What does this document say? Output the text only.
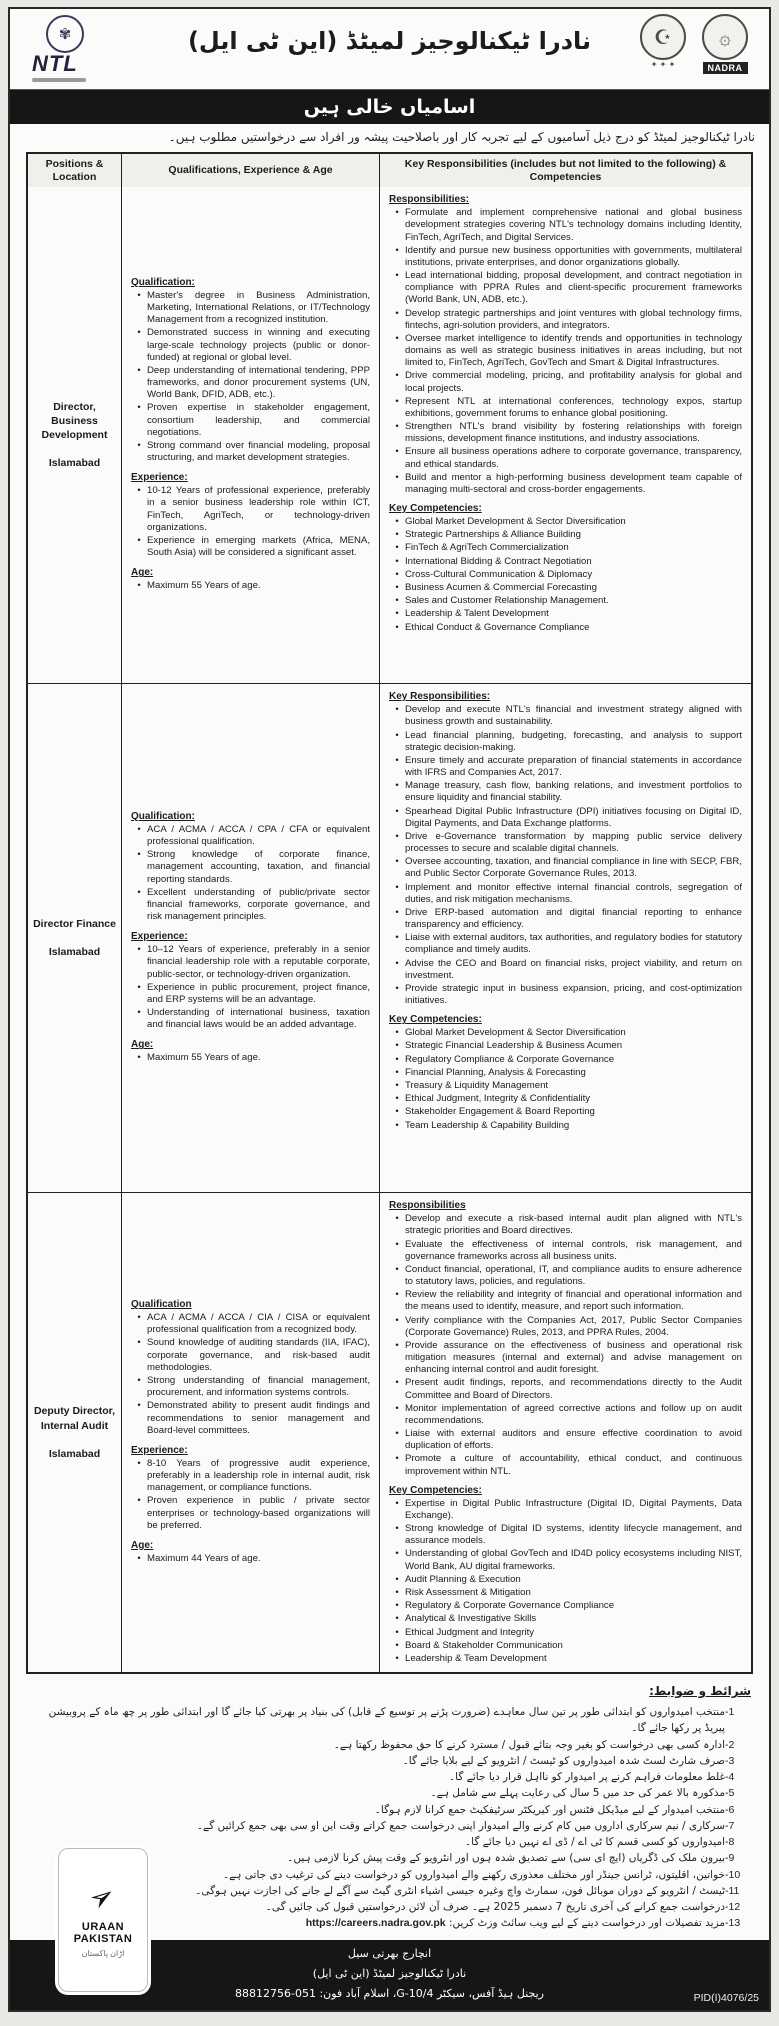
✾
NTL
نادرا ٹیکنالوجیز لمیٹڈ (این ٹی ایل)	☪
✦ ✦ ✦
۞
NADRA
اسامیاں خالی ہیں
نادرا ٹیکنالوجیز لمیٹڈ کو درج ذیل آسامیوں کے لیے تجربہ کار اور باصلاحیت پیشہ ور افراد سے درخواستیں مطلوب ہیں۔
Positions & Location
Qualifications, Experience & Age
Key Responsibilities (includes but not limited to the following) & Competencies
Director, Business Development
Islamabad
Qualification:
• Master's degree in Business Administration, Marketing, International Relations, or IT/Technology Management from a recognized institution.
• Demonstrated success in winning and executing large-scale technology projects (public or donor-funded) at regional or global level.
• Deep understanding of international tendering, PPP frameworks, and donor procurement systems (UN, World Bank, DFID, ADB, etc.).
• Proven expertise in stakeholder engagement, consortium leadership, and commercial negotiations.
• Strong command over financial modeling, proposal structuring, and market development strategies.
Experience:
• 10-12 Years of professional experience, preferably in a senior business leadership role within ICT, FinTech, AgriTech, or technology-driven organizations.
• Experience in emerging markets (Africa, MENA, South Asia) will be considered a significant asset.
Age:
• Maximum 55 Years of age.
Responsibilities:
• Formulate and implement comprehensive national and global business development strategies covering NTL's technology domains including Identity, FinTech, AgriTech, and Digital Services.
• Identify and pursue new business opportunities with governments, multilateral institutions, private enterprises, and donor organizations globally.
• Lead international bidding, proposal development, and contract negotiation in compliance with PPRA Rules and client-specific procurement frameworks (World Bank, UN, ADB, etc.).
• Develop strategic partnerships and joint ventures with global technology firms, fintechs, agri-solution providers, and integrators.
• Oversee market intelligence to identify trends and opportunities in technology domains as well as strategic business initiatives in areas including, but not limited to, FinTech, AgriTech, GovTech and Smart & Digital Infrastructures.
• Drive commercial modeling, pricing, and profitability analysis for global and local projects.
• Represent NTL at international conferences, technology expos, startup exhibitions, government forums to enhance global positioning.
• Strengthen NTL's brand visibility by fostering relationships with foreign missions, development finance institutions, and industry associations.
• Ensure all business operations adhere to corporate governance, transparency, and ethical standards.
• Build and mentor a high-performing business development team capable of managing multi-sectoral and cross-border engagements.
Key Competencies:
• Global Market Development & Sector Diversification
• Strategic Partnerships & Alliance Building
• FinTech & AgriTech Commercialization
• International Bidding & Contract Negotiation
• Cross-Cultural Communication & Diplomacy
• Business Acumen & Commercial Forecasting
• Sales and Customer Relationship Management.
• Leadership & Talent Development
• Ethical Conduct & Governance Compliance
Director Finance
Islamabad
Qualification:
• ACA / ACMA / ACCA / CPA / CFA or equivalent professional qualification.
• Strong knowledge of corporate finance, management accounting, taxation, and financial reporting standards.
• Excellent understanding of public/private sector financial frameworks, corporate governance, and risk management principles.
Experience:
• 10–12 Years of experience, preferably in a senior financial leadership role with a reputable corporate, public-sector, or technology-driven organization.
• Experience in public procurement, project finance, and ERP systems will be an advantage.
• Understanding of international business, taxation and financial laws would be an added advantage.
Age:
• Maximum 55 Years of age.
Key Responsibilities:
• Develop and execute NTL's financial and investment strategy aligned with business growth and sustainability.
• Lead financial planning, budgeting, forecasting, and analysis to support strategic decision-making.
• Ensure timely and accurate preparation of financial statements in accordance with IFRS and Companies Act, 2017.
• Manage treasury, cash flow, banking relations, and investment portfolios to ensure liquidity and financial stability.
• Spearhead Digital Public Infrastructure (DPI) initiatives focusing on Digital ID, Digital Payments, and Data Exchange platforms.
• Drive e-Governance transformation by mapping public service delivery processes to secure and scalable digital channels.
• Oversee accounting, taxation, and financial compliance in line with SECP, FBR, and Public Sector Corporate Governance Rules, 2013.
• Implement and monitor effective internal financial controls, segregation of duties, and risk mitigation mechanisms.
• Drive ERP-based automation and digital financial reporting to enhance transparency and efficiency.
• Liaise with external auditors, tax authorities, and regulatory bodies for statutory compliance and timely audits.
• Advise the CEO and Board on financial risks, project viability, and return on investment.
• Provide strategic input in business expansion, pricing, and cost-optimization initiatives.
Key Competencies:
• Global Market Development & Sector Diversification
• Strategic Financial Leadership & Business Acumen
• Regulatory Compliance & Corporate Governance
• Financial Planning, Analysis & Forecasting
• Treasury & Liquidity Management
• Ethical Judgment, Integrity & Confidentiality
• Stakeholder Engagement & Board Reporting
• Team Leadership & Capability Building
Deputy Director, Internal Audit
Islamabad
Qualification
• ACA / ACMA / ACCA / CIA / CISA or equivalent professional qualification from a recognized body.
• Sound knowledge of auditing standards (IIA, IFAC), corporate governance, and risk-based audit methodologies.
• Strong understanding of financial management, procurement, and information systems controls.
• Demonstrated ability to present audit findings and recommendations to senior management and Board-level committees.
Experience:
• 8-10 Years of progressive audit experience, preferably in a leadership role in internal audit, risk management, or compliance functions.
• Proven experience in public / private sector enterprises or technology-based organizations will be preferred.
Age:
• Maximum 44 Years of age.
Responsibilities
• Develop and execute a risk-based internal audit plan aligned with NTL's strategic priorities and Board directives.
• Evaluate the effectiveness of internal controls, risk management, and governance frameworks across all business units.
• Conduct financial, operational, IT, and compliance audits to ensure adherence to statutory laws, policies, and regulations.
• Review the reliability and integrity of financial and operational information and the means used to identify, measure, and report such information.
• Verify compliance with the Companies Act, 2017, Public Sector Companies (Corporate Governance) Rules, 2013, and PPRA Rules, 2004.
• Provide assurance on the effectiveness of business and operational risk mitigation measures (internal and external) and advise management on enhancing internal control and audit foresight.
• Present audit findings, reports, and recommendations directly to the Audit Committee and Board of Directors.
• Monitor implementation of agreed corrective actions and follow up on audit recommendations.
• Liaise with external auditors and ensure effective coordination to avoid duplication of efforts.
• Promote a culture of accountability, ethical conduct, and continuous improvement within NTL.
Key Competencies:
• Expertise in Digital Public Infrastructure (Digital ID, Digital Payments, Data Exchange).
• Strong knowledge of Digital ID systems, identity lifecycle management, and assurance models.
• Understanding of global GovTech and ID4D policy ecosystems including NIST, World Bank, AU digital frameworks.
• Audit Planning & Execution
• Risk Assessment & Mitigation
• Regulatory & Corporate Governance Compliance
• Analytical & Investigative Skills
• Ethical Judgment and Integrity
• Board & Stakeholder Communication
• Leadership & Team Development
شرائط و ضوابط:
-1
منتخب امیدواروں کو ابتدائی طور پر تین سال معاہدے (ضرورت پڑنے پر توسیع کے قابل) کی بنیاد پر بھرتی کیا جائے گا اور ابتدائی طور پر چھ ماہ کے پروبیشن پیریڈ پر رکھا جائے گا۔
-2
ادارہ کسی بھی درخواست کو بغیر وجہ بتائے قبول / مسترد کرنے کا حق محفوظ رکھتا ہے۔
-3
صرف شارٹ لسٹ شدہ امیدواروں کو ٹیسٹ / انٹرویو کے لیے بلایا جائے گا۔
-4
غلط معلومات فراہم کرنے پر امیدوار کو نااہل قرار دیا جائے گا۔
-5
مذکورہ بالا عمر کی حد میں 5 سال کی رعایت پہلے سے شامل ہے۔
-6
منتخب امیدوار کے لیے میڈیکل فٹنس اور کیریکٹر سرٹیفکیٹ جمع کرانا لازم ہوگا۔
-7
سرکاری / نیم سرکاری اداروں میں کام کرنے والے امیدوار اپنی درخواست جمع کراتے وقت این او سی بھی جمع کرائیں گے۔
-8
امیدواروں کو کسی قسم کا ٹی اے / ڈی اے نہیں دیا جائے گا۔
-9
بیرون ملک کی ڈگریاں (ایچ ای سی) سے تصدیق شدہ ہوں اور انٹرویو کے وقت پیش کرنا لازمی ہیں۔
-10
خواتین، اقلیتوں، ٹرانس جینڈر اور مختلف معذوری رکھنے والے امیدواروں کو درخواست دینے کی ترغیب دی جاتی ہے۔
-11
ٹیسٹ / انٹرویو کے دوران موبائل فون، سمارٹ واچ وغیرہ جیسی اشیاء انٹری گیٹ سے آگے لے جانے کی اجازت نہیں ہوگی۔
-12
درخواست جمع کرانے کی آخری تاریخ 7 دسمبر 2025 ہے۔ صرف آن لائن درخواستیں قبول کی جائیں گی۔
-13
مزید تفصیلات اور درخواست دینے کے لیے ویب سائٹ وزٹ کریں: https://careers.nadra.gov.pk
انچارج بھرتی سیل
نادرا ٹیکنالوجیز لمیٹڈ (این ٹی ایل)
ریجنل ہیڈ آفس، سیکٹر G-10/4، اسلام آباد فون: 051-88812756	PID(I)4076/25
➢
URAAN
PAKISTAN
اڑان پاکستان
